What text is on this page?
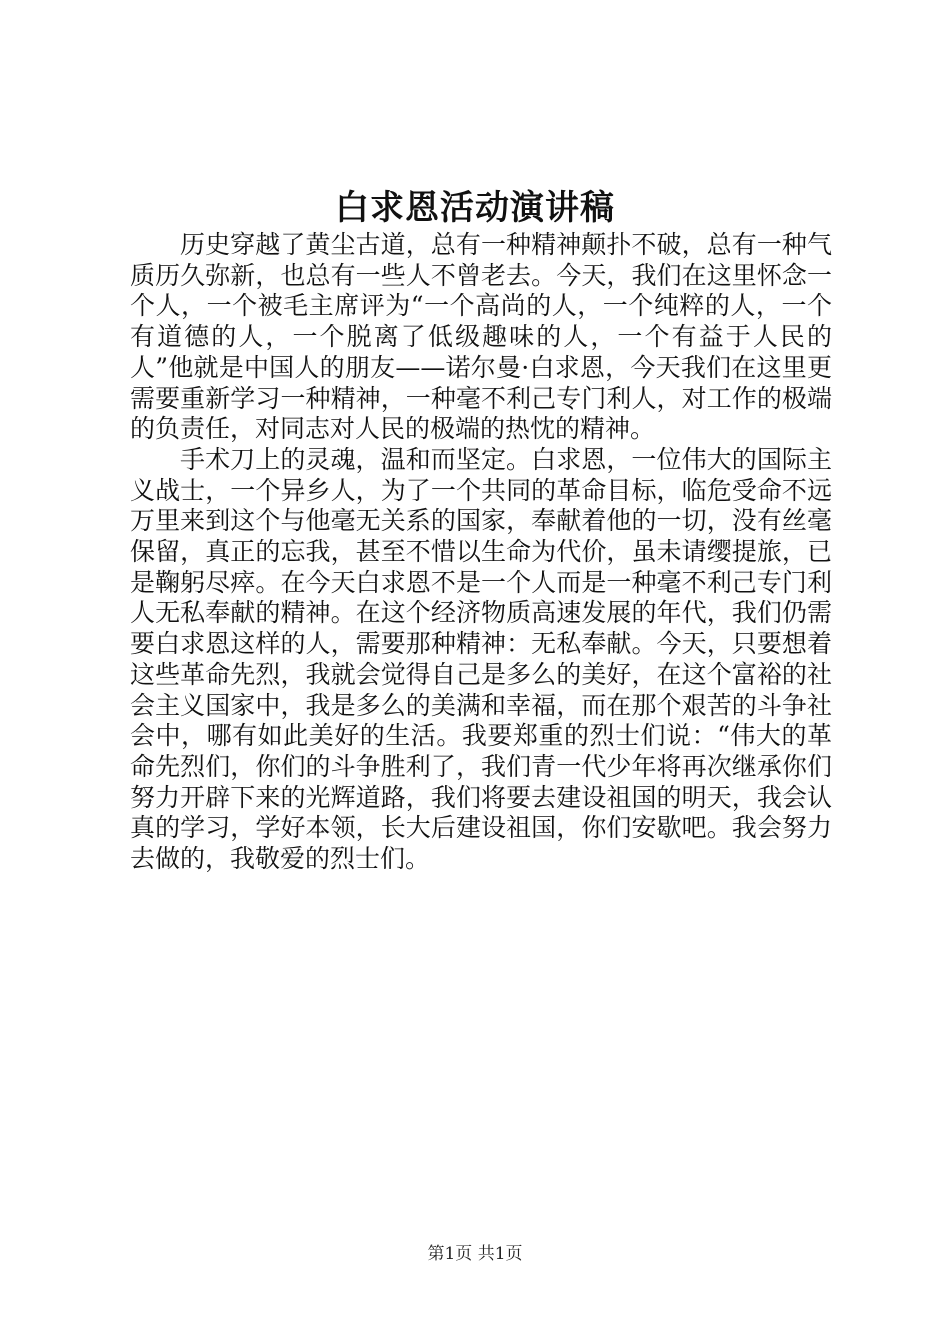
白求恩活动演讲稿

历史穿越了黄尘古道，总有一种精神颠扑不破，总有一种气质历久弥新，也总有一些人不曾老去。今天，我们在这里怀念一个人，一个被毛主席评为“一个高尚的人，一个纯粹的人，一个有道德的人，一个脱离了低级趣味的人，一个有益于人民的人”他就是中国人的朋友——诺尔曼·白求恩，今天我们在这里更需要重新学习一种精神，一种毫不利己专门利人，对工作的极端的负责任，对同志对人民的极端的热忱的精神。

手术刀上的灵魂，温和而坚定。白求恩，一位伟大的国际主义战士，一个异乡人，为了一个共同的革命目标，临危受命不远万里来到这个与他毫无关系的国家，奉献着他的一切，没有丝毫保留，真正的忘我，甚至不惜以生命为代价，虽未请缨提旅，已是鞠躬尽瘁。在今天白求恩不是一个人而是一种毫不利己专门利人无私奉献的精神。在这个经济物质高速发展的年代，我们仍需要白求恩这样的人，需要那种精神：无私奉献。今天，只要想着这些革命先烈，我就会觉得自己是多么的美好，在这个富裕的社会主义国家中，我是多么的美满和幸福，而在那个艰苦的斗争社会中，哪有如此美好的生活。我要郑重的烈士们说：“伟大的革命先烈们，你们的斗争胜利了，我们青一代少年将再次继承你们努力开辟下来的光辉道路，我们将要去建设祖国的明天，我会认真的学习，学好本领，长大后建设祖国，你们安歇吧。我会努力去做的，我敬爱的烈士们。

第1页 共1页
